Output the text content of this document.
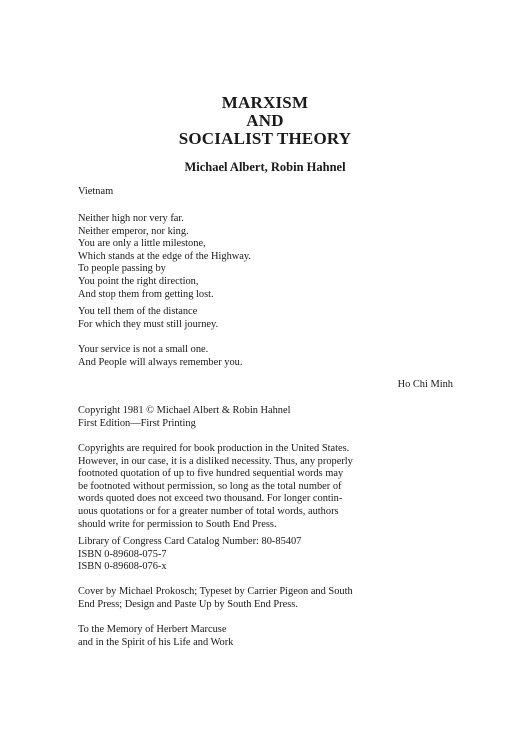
MARXISM
AND
SOCIALIST THEORY
Michael Albert, Robin Hahnel
Vietnam
Neither high nor very far.
Neither emperor, nor king.
You are only a little milestone,
Which stands at the edge of the Highway.
To people passing by
You point the right direction,
And stop them from getting lost.
You tell them of the distance
For which they must still journey.
Your service is not a small one.
And People will always remember you.
Ho Chi Minh
Copyright 1981 © Michael Albert & Robin Hahnel
First Edition—First Printing
Copyrights are required for book production in the United States.
However, in our case, it is a disliked necessity. Thus, any properly
footnoted quotation of up to five hundred sequential words may
be footnoted without permission, so long as the total number of
words quoted does not exceed two thousand. For longer contin-
uous quotations or for a greater number of total words, authors
should write for permission to South End Press.
Library of Congress Card Catalog Number: 80-85407
ISBN 0-89608-075-7
ISBN 0-89608-076-x
Cover by Michael Prokosch; Typeset by Carrier Pigeon and South
End Press; Design and Paste Up by South End Press.
To the Memory of Herbert Marcuse
and in the Spirit of his Life and Work
